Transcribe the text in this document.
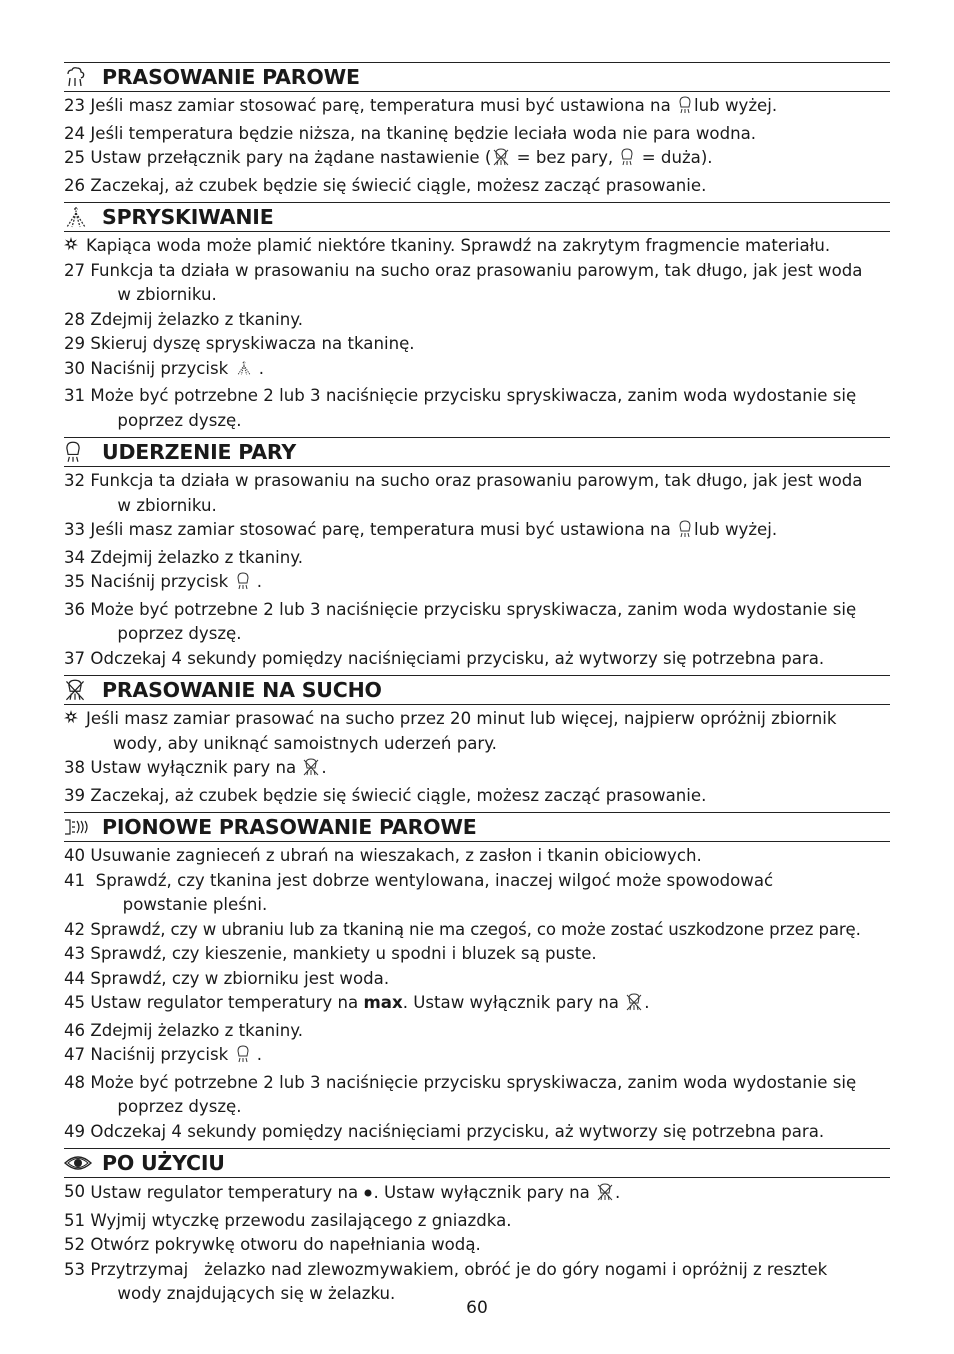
PRASOWANIE PAROWE
23
Jeśli masz zamiar stosować parę, temperatura musi być ustawiona na lub wyżej.
24
Jeśli temperatura będzie niższa, na tkaninę będzie leciała woda nie para wodna.
25
Ustaw przełącznik pary na żądane nastawienie ( = bez pary,  = duża).
26
Zaczekaj, aż czubek będzie się świecić ciągle, możesz zacząć prasowanie.
SPRYSKIWANIE
Kapiąca woda może plamić niektóre tkaniny. Sprawdź na zakrytym fragmencie materiału.
27
Funkcja ta działa w prasowaniu na sucho oraz prasowaniu parowym, tak długo, jak jest woda
w zbiorniku.
28
Zdejmij żelazko z tkaniny.
29
Skieruj dyszę spryskiwacza na tkaninę.
30
Naciśnij przycisk  .
31
Może być potrzebne 2 lub 3 naciśnięcie przycisku spryskiwacza, zanim woda wydostanie się
poprzez dyszę.
UDERZENIE PARY
32
Funkcja ta działa w prasowaniu na sucho oraz prasowaniu parowym, tak długo, jak jest woda
w zbiorniku.
33
Jeśli masz zamiar stosować parę, temperatura musi być ustawiona na lub wyżej.
34
Zdejmij żelazko z tkaniny.
35
Naciśnij przycisk  .
36
Może być potrzebne 2 lub 3 naciśnięcie przycisku spryskiwacza, zanim woda wydostanie się
poprzez dyszę.
37
Odczekaj 4 sekundy pomiędzy naciśnięciami przycisku, aż wytworzy się potrzebna para.
PRASOWANIE NA SUCHO
Jeśli masz zamiar prasować na sucho przez 20 minut lub więcej, najpierw opróżnij zbiornik
wody, aby uniknąć samoistnych uderzeń pary.
38
Ustaw wyłącznik pary na .
39
Zaczekaj, aż czubek będzie się świecić ciągle, możesz zacząć prasowanie.
PIONOWE PRASOWANIE PAROWE
40
Usuwanie zagnieceń z ubrań na wieszakach, z zasłon i tkanin obiciowych.
41
Sprawdź, czy tkanina jest dobrze wentylowana, inaczej wilgoć może spowodować
powstanie pleśni.
42
Sprawdź, czy w ubraniu lub za tkaniną nie ma czegoś, co może zostać uszkodzone przez parę.
43
Sprawdź, czy kieszenie, mankiety u spodni i bluzek są puste.
44
Sprawdź, czy w zbiorniku jest woda.
45
Ustaw regulator temperatury na max. Ustaw wyłącznik pary na .
46
Zdejmij żelazko z tkaniny.
47
Naciśnij przycisk  .
48
Może być potrzebne 2 lub 3 naciśnięcie przycisku spryskiwacza, zanim woda wydostanie się
poprzez dyszę.
49
Odczekaj 4 sekundy pomiędzy naciśnięciami przycisku, aż wytworzy się potrzebna para.
PO UŻYCIU
50
Ustaw regulator temperatury na . Ustaw wyłącznik pary na .
51
Wyjmij wtyczkę przewodu zasilającego z gniazdka.
52
Otwórz pokrywkę otworu do napełniania wodą.
53
Przytrzymaj   żelazko nad zlewozmywakiem, obróć je do góry nogami i opróżnij z resztek
wody znajdujących się w żelazku.
60
